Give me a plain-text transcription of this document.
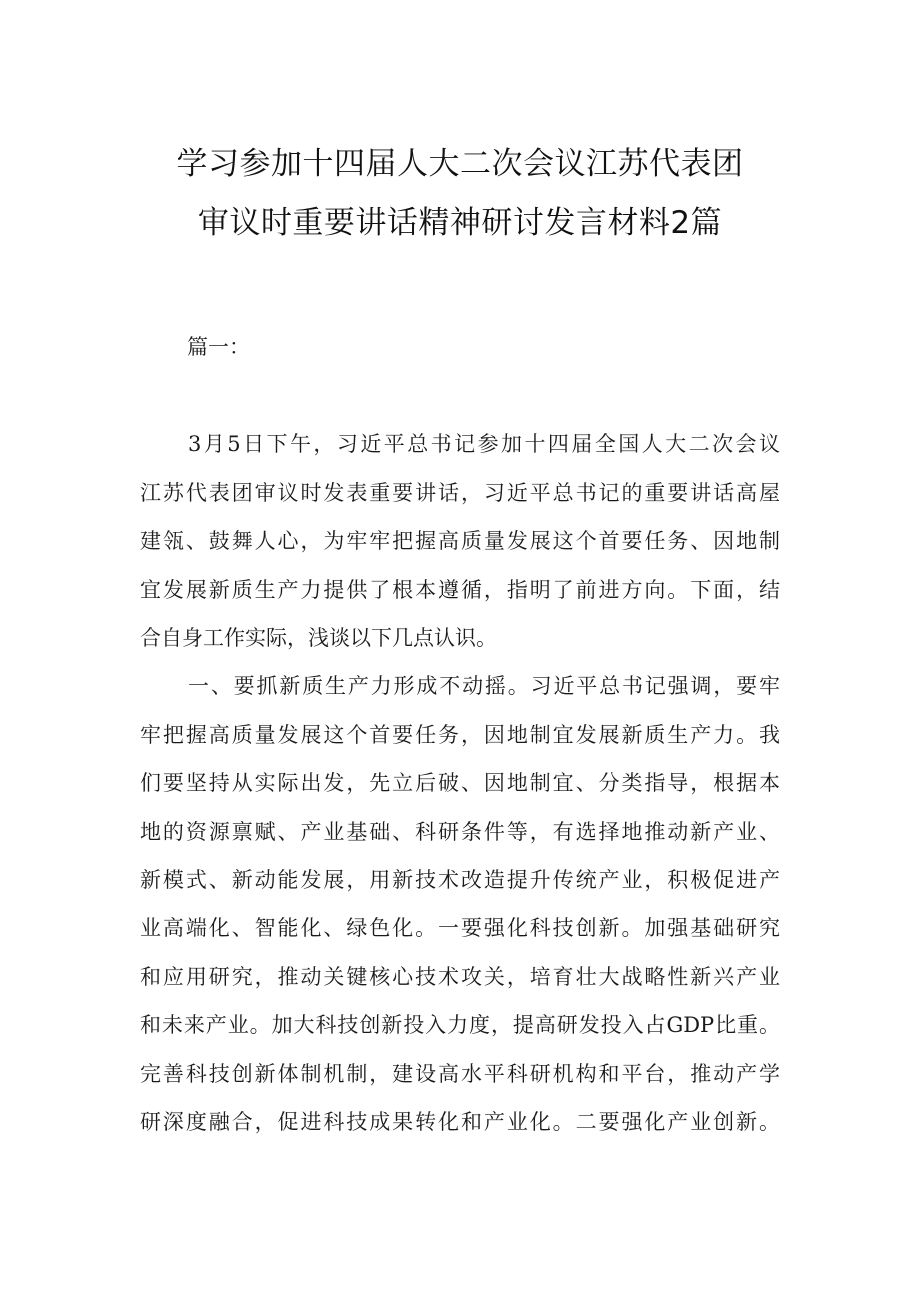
学习参加十四届人大二次会议江苏代表团
审议时重要讲话精神研讨发言材料2篇
篇一：
3月5日下午，习近平总书记参加十四届全国人大二次会议
江苏代表团审议时发表重要讲话，习近平总书记的重要讲话高屋
建瓴、鼓舞人心，为牢牢把握高质量发展这个首要任务、因地制
宜发展新质生产力提供了根本遵循，指明了前进方向。下面，结
合自身工作实际，浅谈以下几点认识。
一、要抓新质生产力形成不动摇。习近平总书记强调，要牢
牢把握高质量发展这个首要任务，因地制宜发展新质生产力。我
们要坚持从实际出发，先立后破、因地制宜、分类指导，根据本
地的资源禀赋、产业基础、科研条件等，有选择地推动新产业、
新模式、新动能发展，用新技术改造提升传统产业，积极促进产
业高端化、智能化、绿色化。一要强化科技创新。加强基础研究
和应用研究，推动关键核心技术攻关，培育壮大战略性新兴产业
和未来产业。加大科技创新投入力度，提高研发投入占GDP比重。
完善科技创新体制机制，建设高水平科研机构和平台，推动产学
研深度融合，促进科技成果转化和产业化。二要强化产业创新。
